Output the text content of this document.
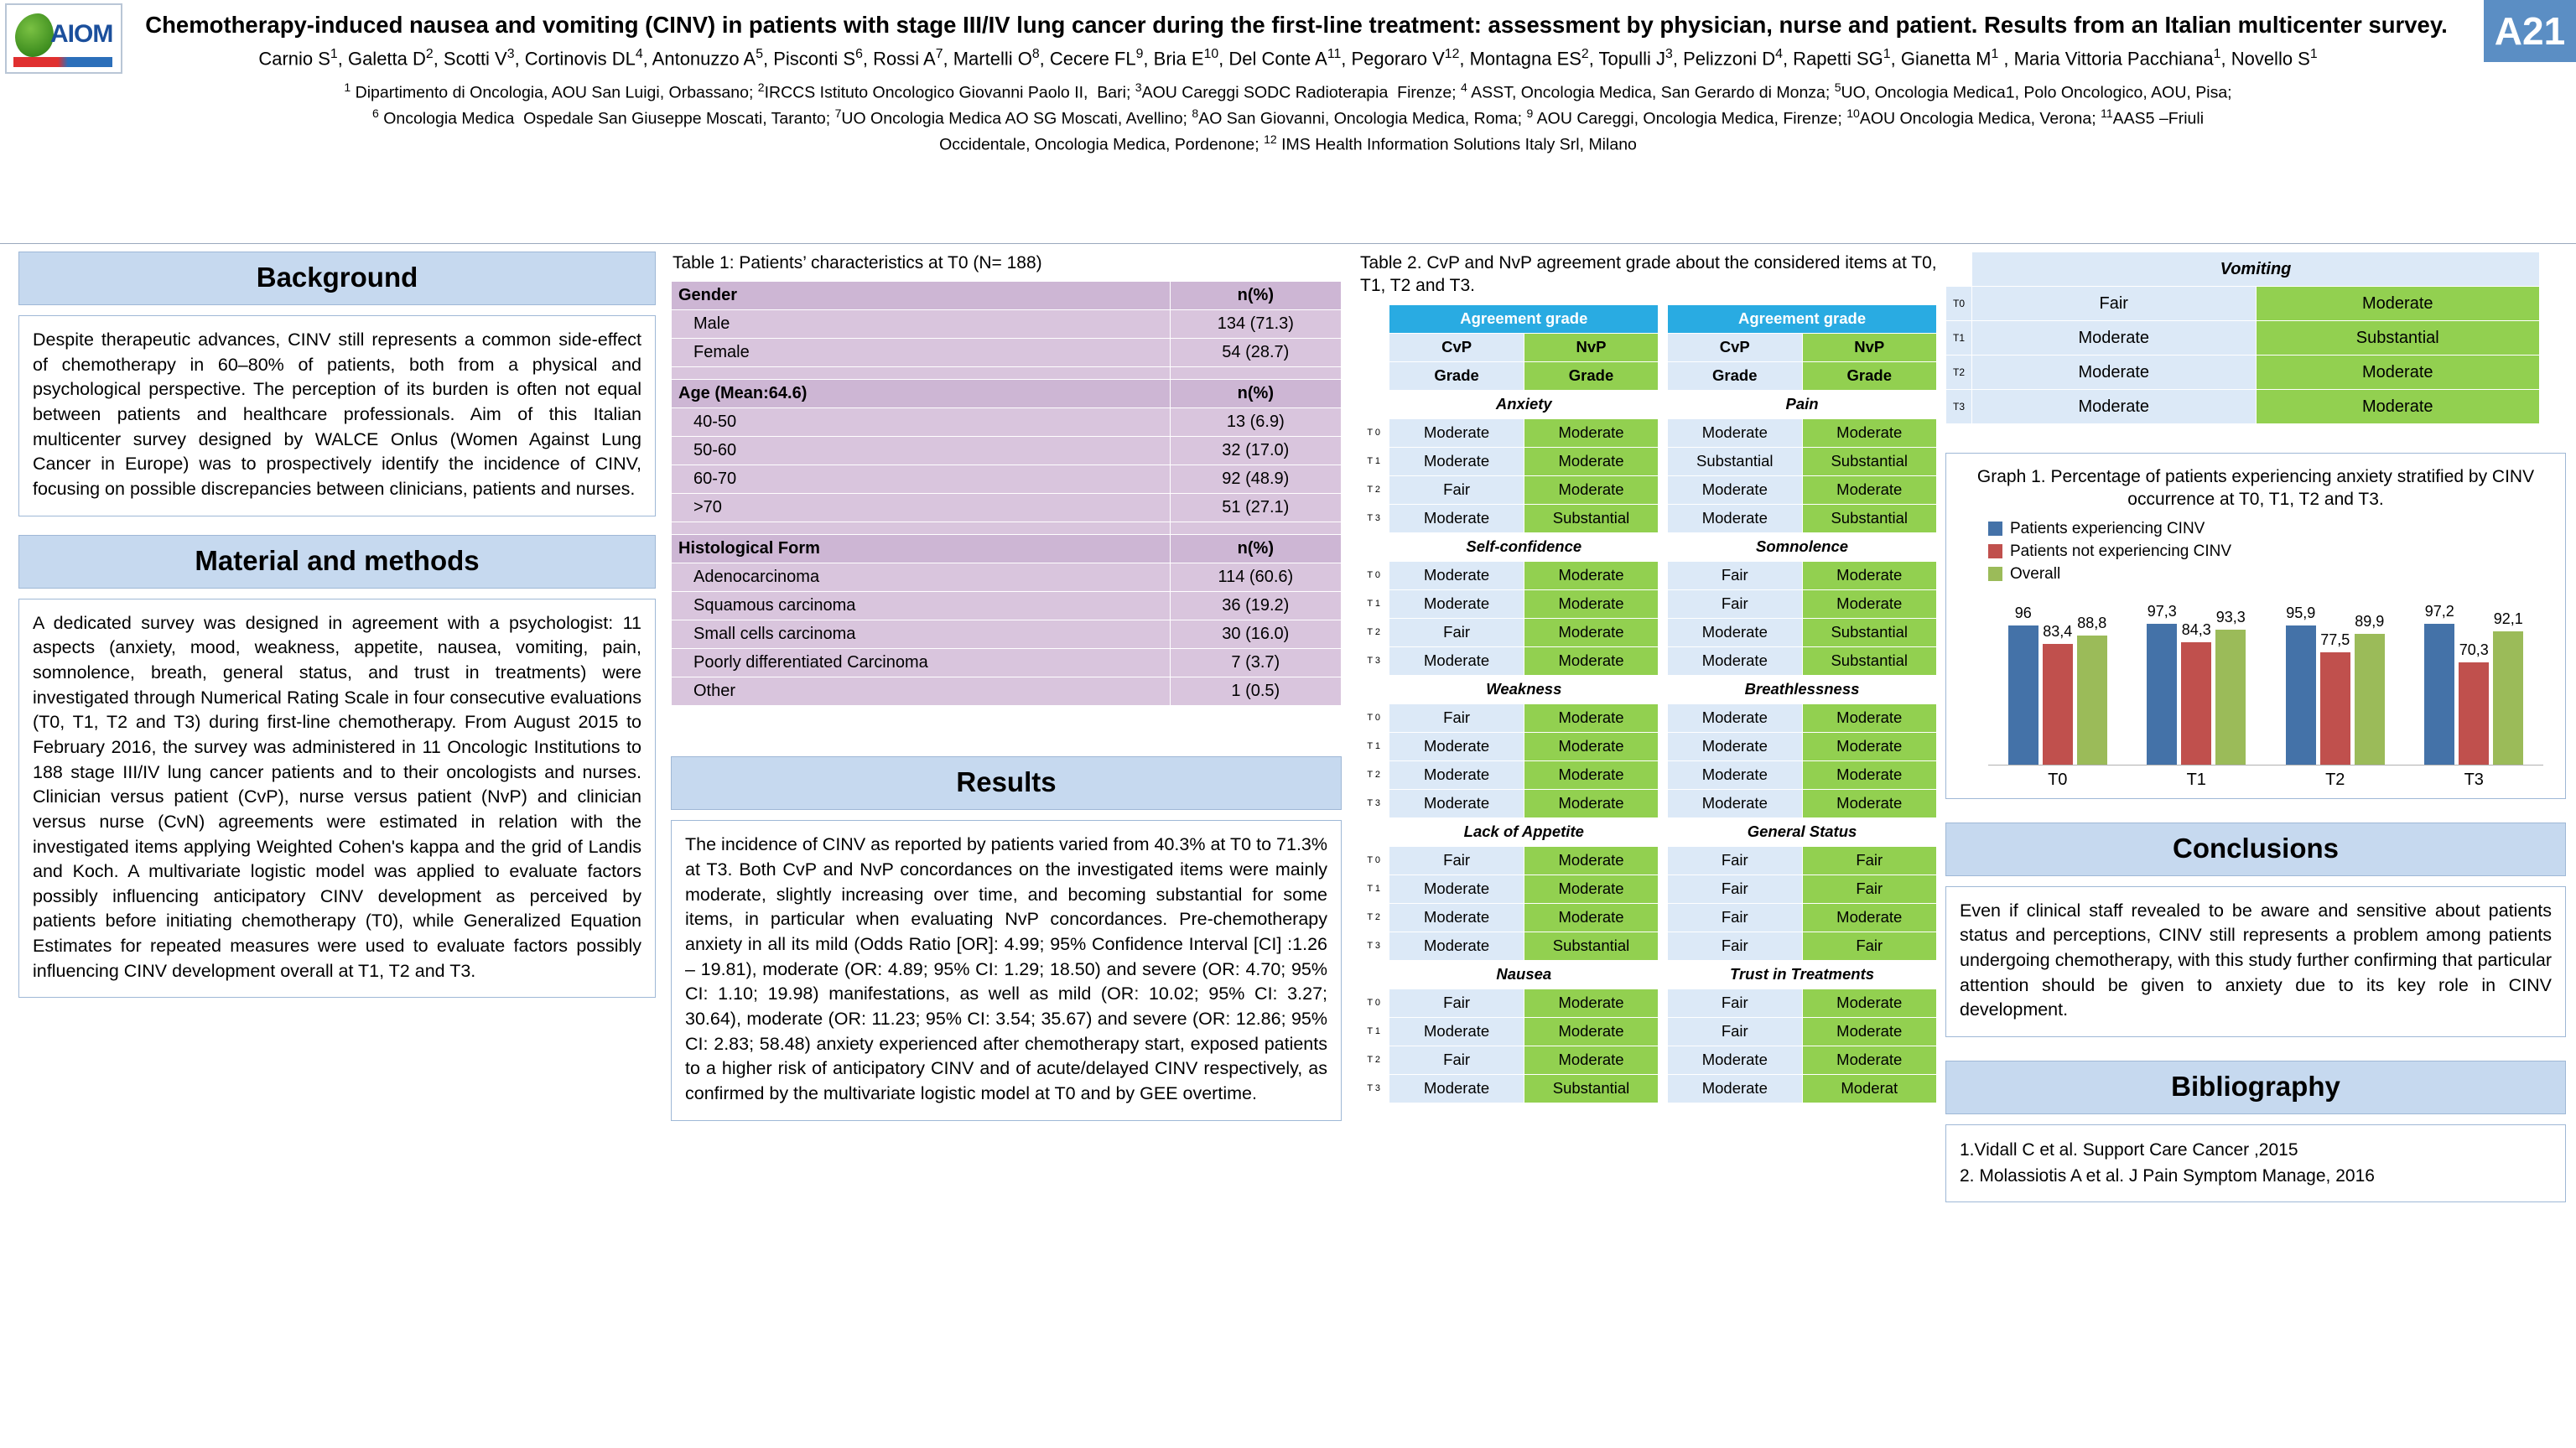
AIOM	A21
Chemotherapy-induced nausea and vomiting (CINV) in patients with stage III/IV lung cancer during the first-line treatment: assessment by physician, nurse and patient. Results from an Italian multicenter survey.
Carnio $S^1$, Galetta $D^2$, Scotti $V^3$, Cortinovis $DL^4$, Antonuzzo $A^5$, Pisconti $S^6$, Rossi $A^7$, Martelli $O^8$, Cecere $FL^9$, Bria $E^{10}$, Del Conte $A^{11}$, Pegoraro $V^{12}$, Montagna $ES^2$, Topulli $J^3$, Pelizzoni $D^4$, Rapetti $SG^1$, Gianetta $M^1$ , Maria Vittoria Pacchiana$^1$, Novello $S^1$
$^1$ Dipartimento di Oncologia, AOU San Luigi, Orbassano; $^2$IRCCS Istituto Oncologico Giovanni Paolo II,  Bari; $^3$AOU Careggi SODC Radioterapia  Firenze; $^4$ ASST, Oncologia Medica, San Gerardo di Monza; $^5$UO, Oncologia Medica1, Polo Oncologico, AOU, Pisa;
$^6$ Oncologia Medica  Ospedale San Giuseppe Moscati, Taranto; $^7$UO Oncologia Medica AO SG Moscati, Avellino; $^8$AO San Giovanni, Oncologia Medica, Roma; $^9$ AOU Careggi, Oncologia Medica, Firenze; $^{10}$AOU Oncologia Medica, Verona; $^{11}$AAS5 –Friuli
Occidentale, Oncologia Medica, Pordenone; $^{12}$ IMS Health Information Solutions Italy Srl, Milano
Background

Despite therapeutic advances, CINV still represents a common side-effect of chemotherapy in 60–80% of patients, both from a physical and psychological perspective. The perception of its burden is often not equal between patients and healthcare professionals. Aim of this Italian multicenter survey designed by WALCE Onlus (Women Against Lung Cancer in Europe) was to prospectively identify the incidence of CINV, focusing on possible discrepancies between clinicians, patients and nurses.

Material and methods

A dedicated survey was designed in agreement with a psychologist: 11 aspects (anxiety, mood, weakness, appetite, nausea, vomiting, pain, somnolence, breath, general status, and trust in treatments) were investigated through Numerical Rating Scale in four consecutive evaluations (T0, T1, T2 and T3) during first-line chemotherapy. From August 2015 to February 2016, the survey was administered in 11 Oncologic Institutions to 188 stage III/IV lung cancer patients and to their oncologists and nurses. Clinician versus patient (CvP), nurse versus patient (NvP) and clinician versus nurse (CvN) agreements were estimated in relation with the investigated items applying Weighted Cohen's kappa and the grid of Landis and Koch. A multivariate logistic model was applied to evaluate factors possibly influencing anticipatory CINV development as perceived by patients before initiating chemotherapy (T0), while Generalized Equation Estimates for repeated measures were used to evaluate factors possibly influencing CINV development overall at T1, T2 and T3.

Table 1: Patients’ characteristics at T0 (N= 188)
Gender	n(%)
Male	134 (71.3)
Female	54 (28.7)

Age (Mean:64.6)	n(%)
40-50	13 (6.9)
50-60	32 (17.0)
60-70	92 (48.9)
>70	51 (27.1)

Histological Form	n(%)
Adenocarcinoma	114 (60.6)
Squamous carcinoma	36 (19.2)
Small cells carcinoma	30 (16.0)
Poorly differentiated Carcinoma	7 (3.7)
Other	1 (0.5)
Results

The incidence of CINV as reported by patients varied from 40.3% at T0 to 71.3% at T3. Both CvP and NvP concordances on the investigated items were mainly moderate, slightly increasing over time, and becoming substantial for some items, in particular when evaluating NvP concordances. Pre-chemotherapy anxiety in all its mild (Odds Ratio [OR]: 4.99; 95% Confidence Interval [CI] :1.26 – 19.81), moderate (OR: 4.89; 95% CI: 1.29; 18.50) and severe (OR: 4.70; 95% CI: 1.10; 19.98) manifestations, as well as mild (OR: 10.02; 95% CI: 3.27; 30.64), moderate (OR: 11.23; 95% CI: 3.54; 35.67) and severe (OR: 12.86; 95% CI: 2.83; 58.48) anxiety experienced after chemotherapy start, exposed patients to a higher risk of anticipatory CINV and of acute/delayed CINV respectively, as confirmed by the multivariate logistic model at T0 and by GEE overtime.

Table 2. CvP and NvP agreement grade about the considered items at T0, T1, T2 and T3.
	Agreement grade			Agreement grade	
	CvP	NvP		CvP	NvP
	Grade	Grade		Grade	Grade
	Anxiety			Pain	
T 0	Moderate	Moderate		Moderate	Moderate
T 1	Moderate	Moderate		Substantial	Substantial
T 2	Fair	Moderate		Moderate	Moderate
T 3	Moderate	Substantial		Moderate	Substantial
	Self-confidence			Somnolence	
T 0	Moderate	Moderate		Fair	Moderate
T 1	Moderate	Moderate		Fair	Moderate
T 2	Fair	Moderate		Moderate	Substantial
T 3	Moderate	Moderate		Moderate	Substantial
	Weakness			Breathlessness	
T 0	Fair	Moderate		Moderate	Moderate
T 1	Moderate	Moderate		Moderate	Moderate
T 2	Moderate	Moderate		Moderate	Moderate
T 3	Moderate	Moderate		Moderate	Moderate
	Lack of Appetite			General Status	
T 0	Fair	Moderate		Fair	Fair
T 1	Moderate	Moderate		Fair	Fair
T 2	Moderate	Moderate		Fair	Moderate
T 3	Moderate	Substantial		Fair	Fair
	Nausea			Trust in Treatments	
T 0	Fair	Moderate		Fair	Moderate
T 1	Moderate	Moderate		Fair	Moderate
T 2	Fair	Moderate		Moderate	Moderate
T 3	Moderate	Substantial		Moderate	Moderat
	Vomiting		
T0	Fair	Moderate	
T1	Moderate	Substantial	
T2	Moderate	Moderate	
T3	Moderate	Moderate	
Graph 1. Percentage of patients experiencing anxiety stratified by CINV occurrence at T0, T1, T2 and T3.
Patients experiencing CINV
Patients not experiencing CINV
Overall
96
83,4 88,8
97,3
84,3
93,3	95,9
77,5
89,9
97,2
70,3
92,1
T0	T1	T2	T3
Conclusions

Even if clinical staff revealed to be aware and sensitive about patients status and perceptions, CINV still represents a problem among patients undergoing chemotherapy, with this study further confirming that particular attention should be given to anxiety due to its key role in CINV development.

Bibliography
1.Vidall C et al. Support Care Cancer ,2015
2. Molassiotis A et al. J Pain Symptom Manage, 2016
